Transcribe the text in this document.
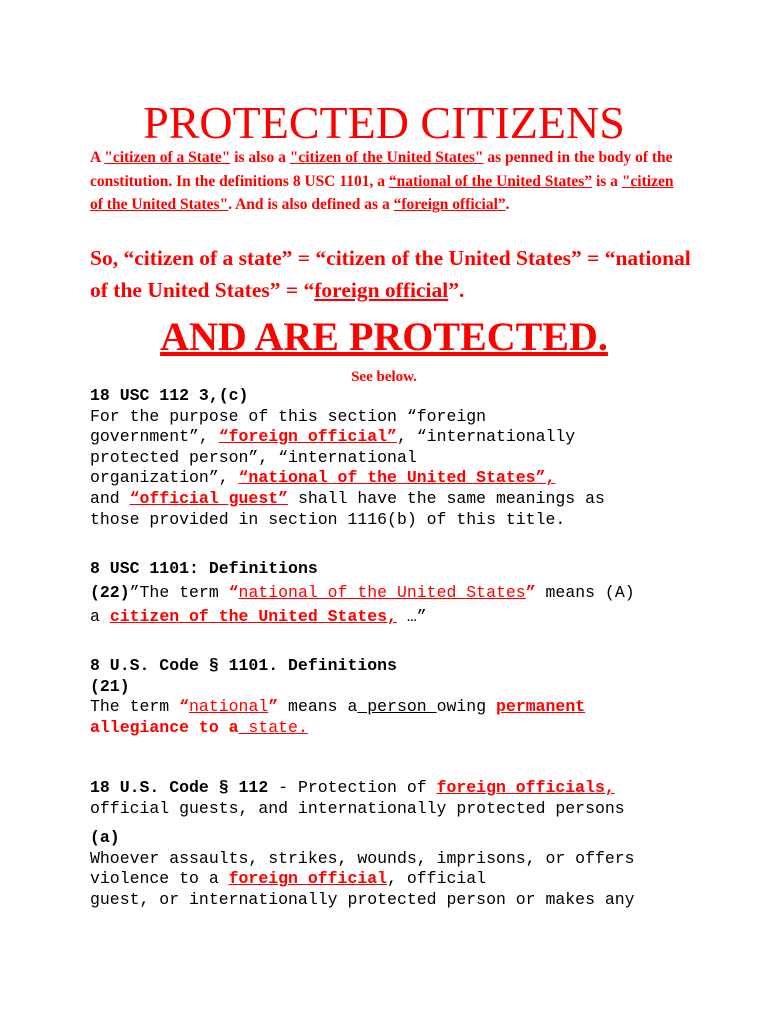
PROTECTED CITIZENS

A "citizen of a State" is also a "citizen of the United States" as penned in the body of the constitution. In the definitions 8 USC 1101, a “national of the United States” is a "citizen of the United States". And is also defined as a “foreign official”.

So, “citizen of a state” = “citizen of the United States” = “national of the United States” = “foreign official”.

AND ARE PROTECTED.

See below.

18 USC 112 3,(c)
For the purpose of this section “foreign
government”, “foreign official”, “internationally
protected person”, “international
organization”, “national of the United States”,
and “official guest” shall have the same meanings as
those provided in section 1116(b) of this title.
8 USC 1101: Definitions
(22)”The term “national of the United States” means (A)
a citizen of the United States, …”
8 U.S. Code § 1101. Definitions
(21)
The term “national” means a person owing permanent
allegiance to a state.
18 U.S. Code § 112 - Protection of foreign officials,
official guests, and internationally protected persons
(a)
Whoever assaults, strikes, wounds, imprisons, or offers
violence to a foreign official, official
guest, or internationally protected person or makes any
